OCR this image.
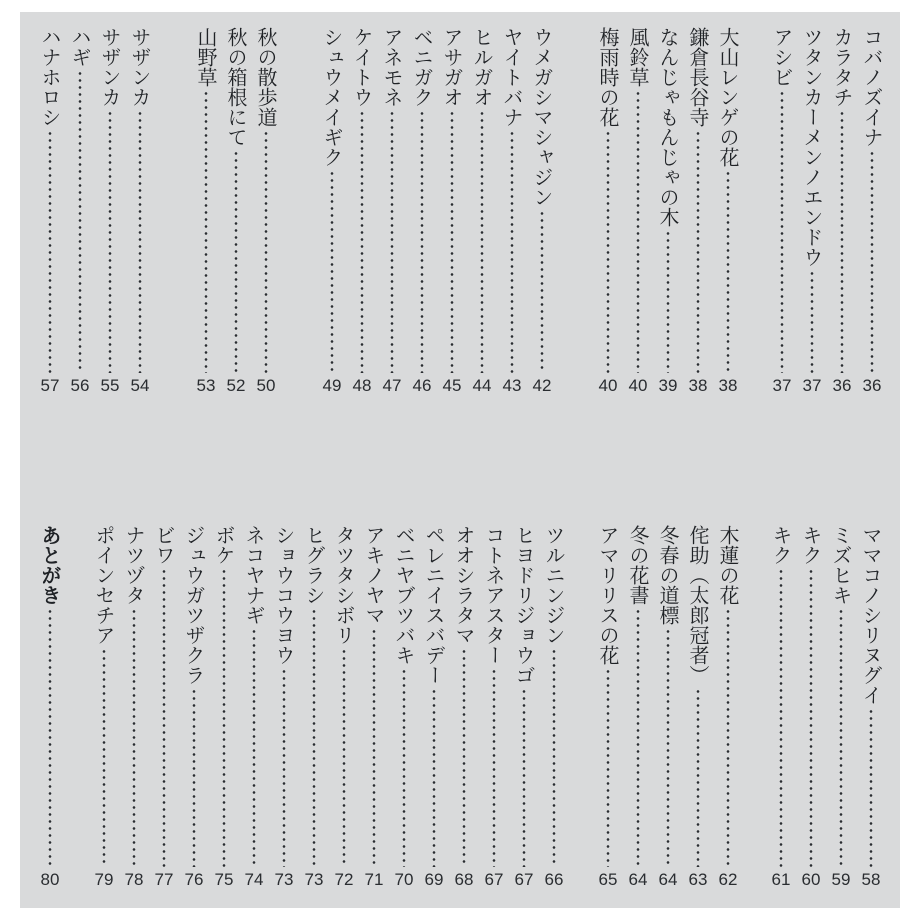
コバノズイナ
36
カラタチ
36
ツタンカーメンノエンドウ
37
アシビ
37
大山レンゲの花
38
鎌倉長谷寺
38
なんじゃもんじゃの木
39
風鈴草
40
梅雨時の花
40
ウメガシマシャジン
42
ヤイトバナ
43
ヒルガオ
44
アサガオ
45
ベニガク
46
アネモネ
47
ケイトウ
48
シュウメイギク
49
秋の散歩道
50
秋の箱根にて
52
山野草
53
サザンカ
54
サザンカ
55
ハギ
56
ハナホロシ
57
ママコノシリヌグイ
58
ミズヒキ
59
キク
60
キク
61
木蓮の花
62
侘助（太郎冠者）
63
冬春の道標
64
冬の花書
64
アマリリスの花
65
ツルニンジン
66
ヒヨドリジョウゴ
67
コトネアスター
67
オオシラタマ
68
ペレニイスバデー
69
ベニヤブツバキ
70
アキノヤマ
71
タツタシボリ
72
ヒグラシ
73
ショウコウヨウ
73
ネコヤナギ
74
ボケ
75
ジュウガツザクラ
76
ビワ
77
ナツヅタ
78
ポインセチア
79
あとがき
80
